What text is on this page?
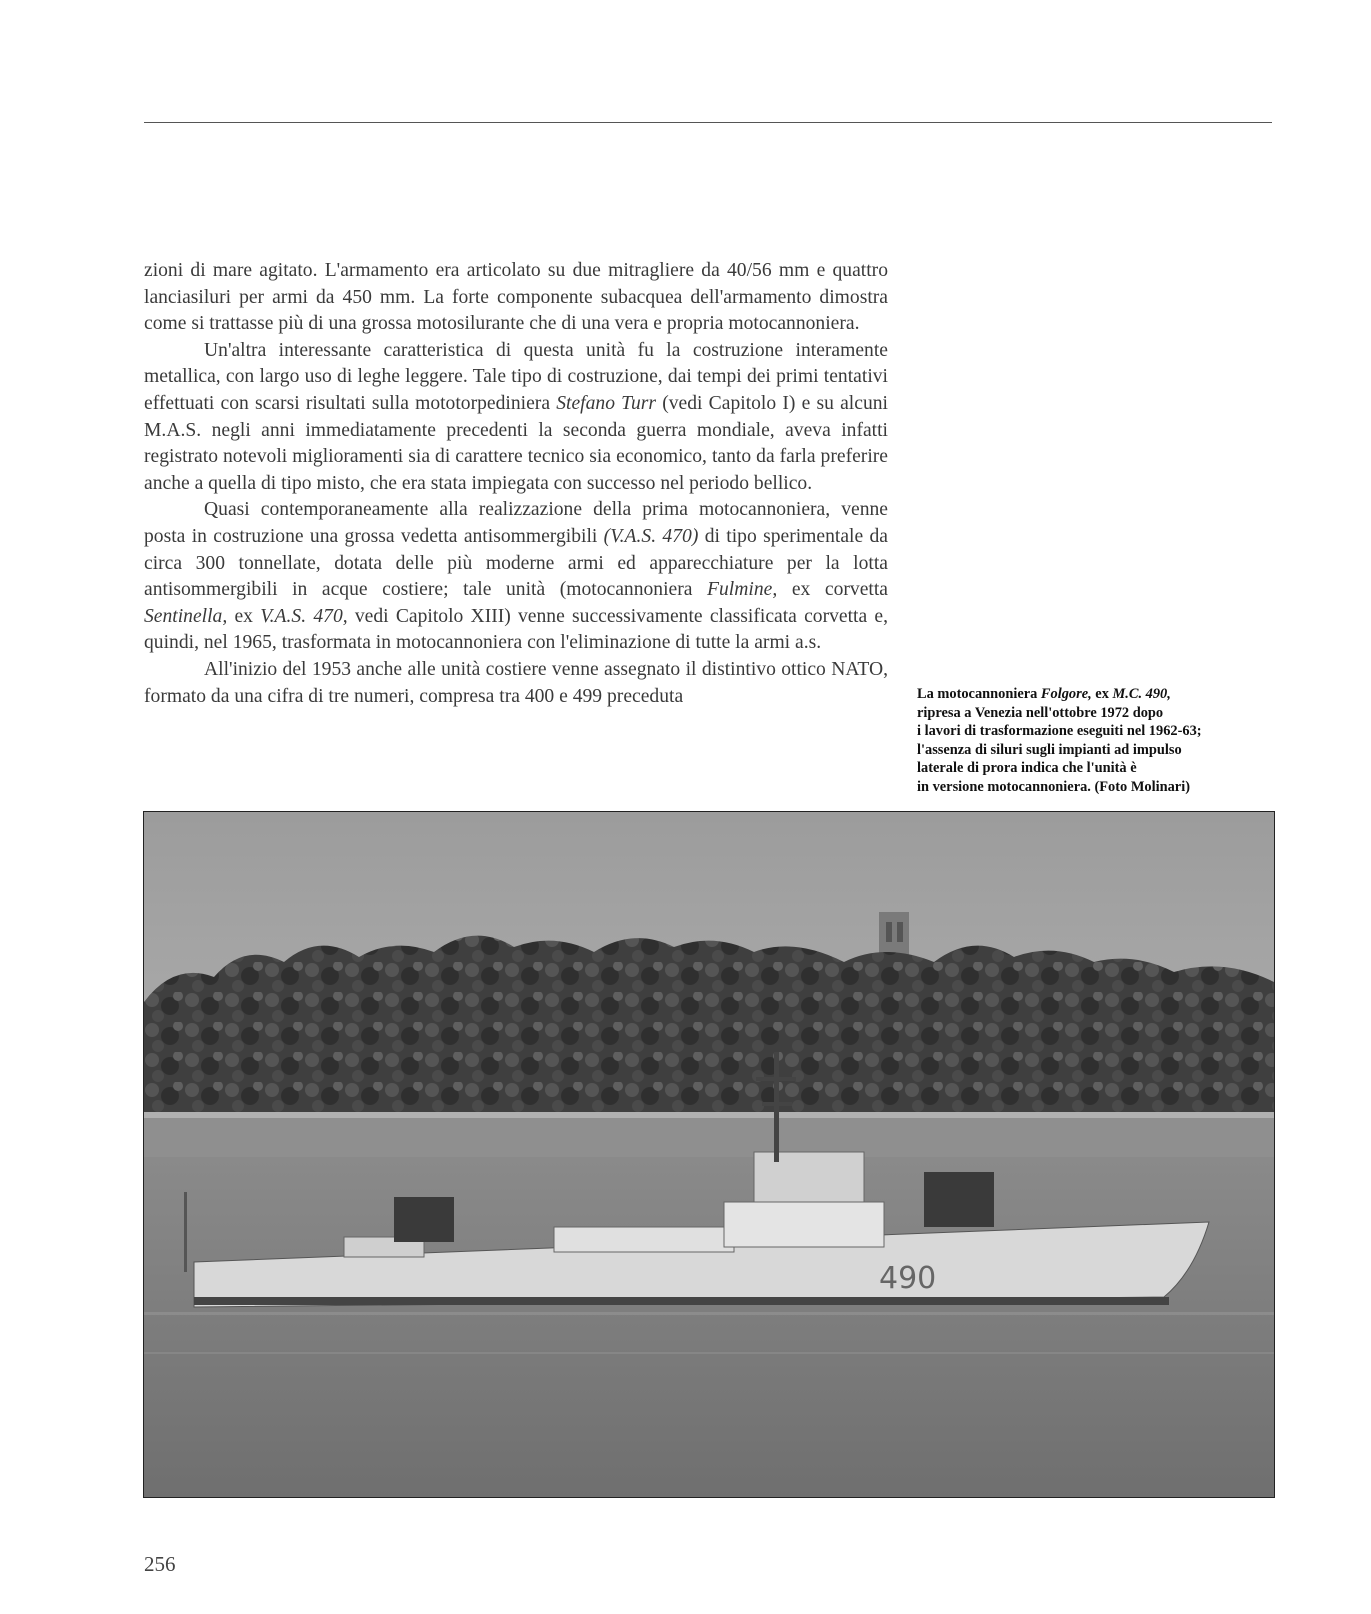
zioni di mare agitato. L'armamento era articolato su due mitragliere da 40/56 mm e quattro lanciasiluri per armi da 450 mm. La forte componente subacquea dell'armamento dimostra come si trattasse più di una grossa motosilurante che di una vera e propria motocannoniera.

Un'altra interessante caratteristica di questa unità fu la costruzione interamente metallica, con largo uso di leghe leggere. Tale tipo di costruzione, dai tempi dei primi tentativi effettuati con scarsi risultati sulla mototorpediniera Stefano Turr (vedi Capitolo I) e su alcuni M.A.S. negli anni immediatamente precedenti la seconda guerra mondiale, aveva infatti registrato notevoli miglioramenti sia di carattere tecnico sia economico, tanto da farla preferire anche a quella di tipo misto, che era stata impiegata con successo nel periodo bellico.

Quasi contemporaneamente alla realizzazione della prima motocannoniera, venne posta in costruzione una grossa vedetta antisommergibili (V.A.S. 470) di tipo sperimentale da circa 300 tonnellate, dotata delle più moderne armi ed apparecchiature per la lotta antisommergibili in acque costiere; tale unità (motocannoniera Fulmine, ex corvetta Sentinella, ex V.A.S. 470, vedi Capitolo XIII) venne successivamente classificata corvetta e, quindi, nel 1965, trasformata in motocannoniera con l'eliminazione di tutte la armi a.s.

All'inizio del 1953 anche alle unità costiere venne assegnato il distintivo ottico NATO, formato da una cifra di tre numeri, compresa tra 400 e 499 preceduta	La motocannoniera Folgore, ex M.C. 490,
ripresa a Venezia nell'ottobre 1972 dopo
i lavori di trasformazione eseguiti nel 1962-63;
l'assenza di siluri sugli impianti ad impulso
laterale di prora indica che l'unità è
in versione motocannoniera. (Foto Molinari)
490
256
